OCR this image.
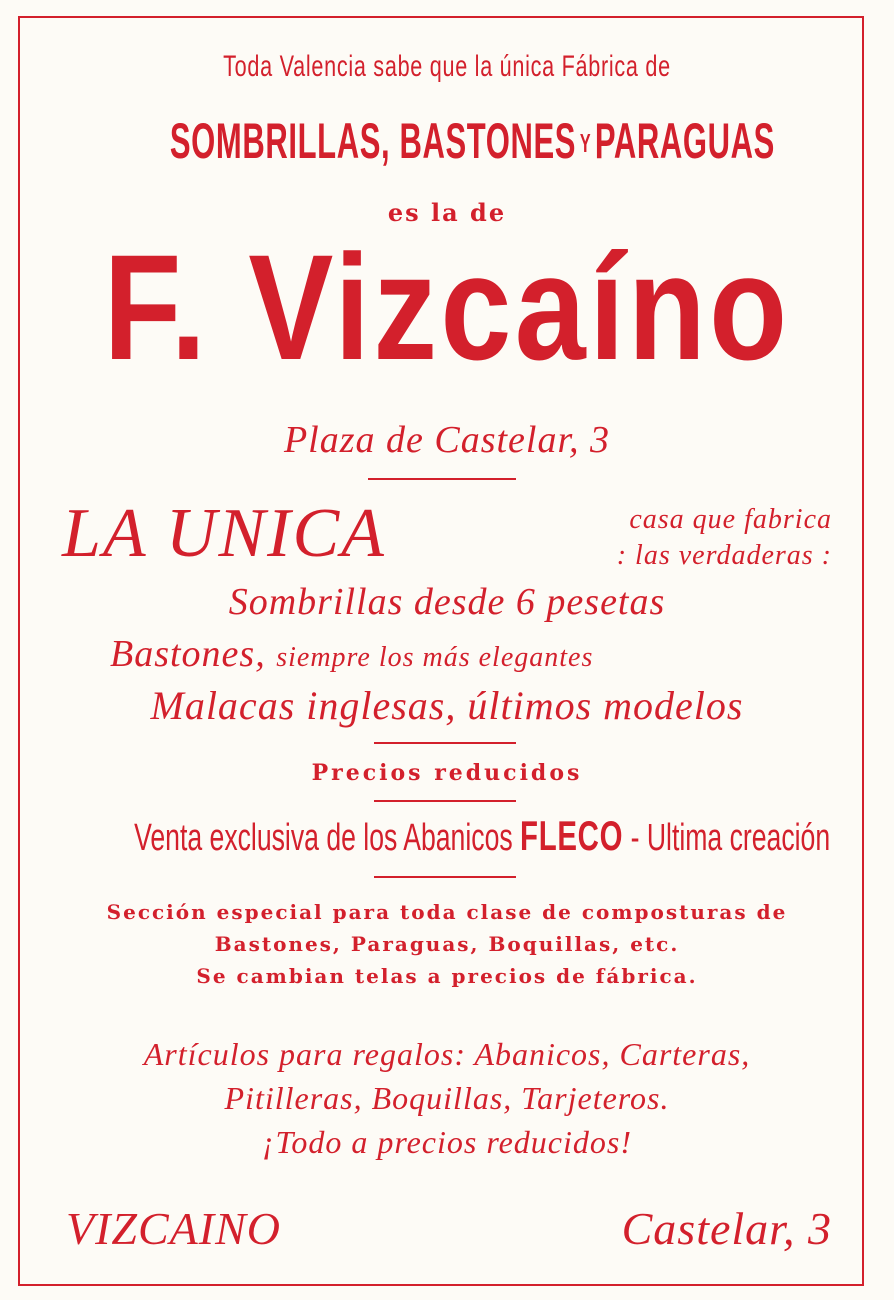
Toda Valencia sabe que la única Fábrica de
SOMBRILLAS, BASTONES YPARAGUAS
es la de
F. Vizcaíno
Plaza de Castelar, 3
LA UNICA	casa que fabrica
: las verdaderas :
Sombrillas desde 6 pesetas
Bastones, siempre los más elegantes
Malacas inglesas, últimos modelos
Precios reducidos
Venta exclusiva de los Abanicos FLECO - Ultima creación
Sección especial para toda clase de composturas de
Bastones, Paraguas, Boquillas, etc.
Se cambian telas a precios de fábrica.
Artículos para regalos: Abanicos, Carteras,
Pitilleras, Boquillas, Tarjeteros.
¡Todo a precios reducidos!
VIZCAINO	Castelar, 3
